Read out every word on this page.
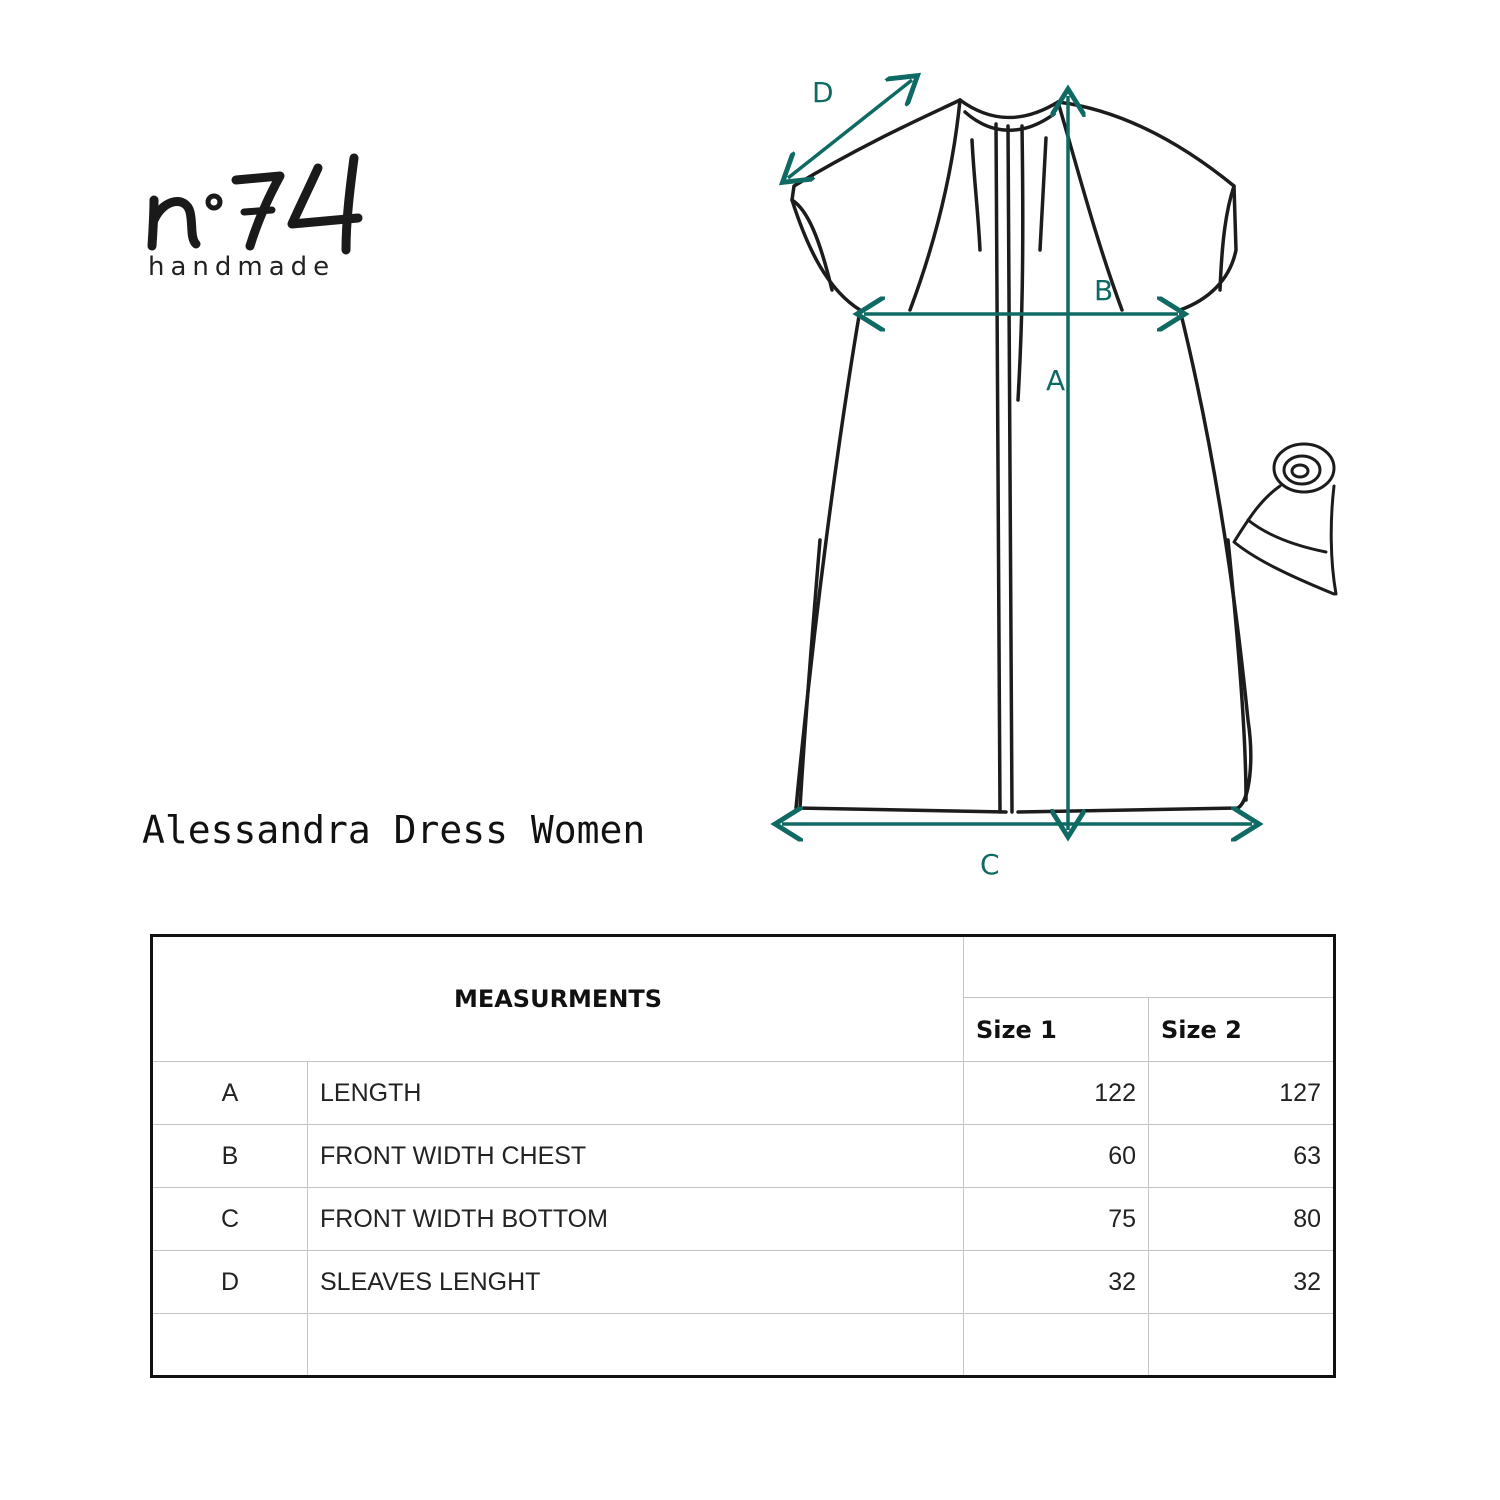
handmade
Alessandra Dress Women
D
A
B
C
MEASURMENTS			
		Size 1	Size 2
A	LENGTH	122	127
B	FRONT WIDTH CHEST	60	63
C	FRONT WIDTH BOTTOM	75	80
D	SLEAVES LENGHT	32	32
